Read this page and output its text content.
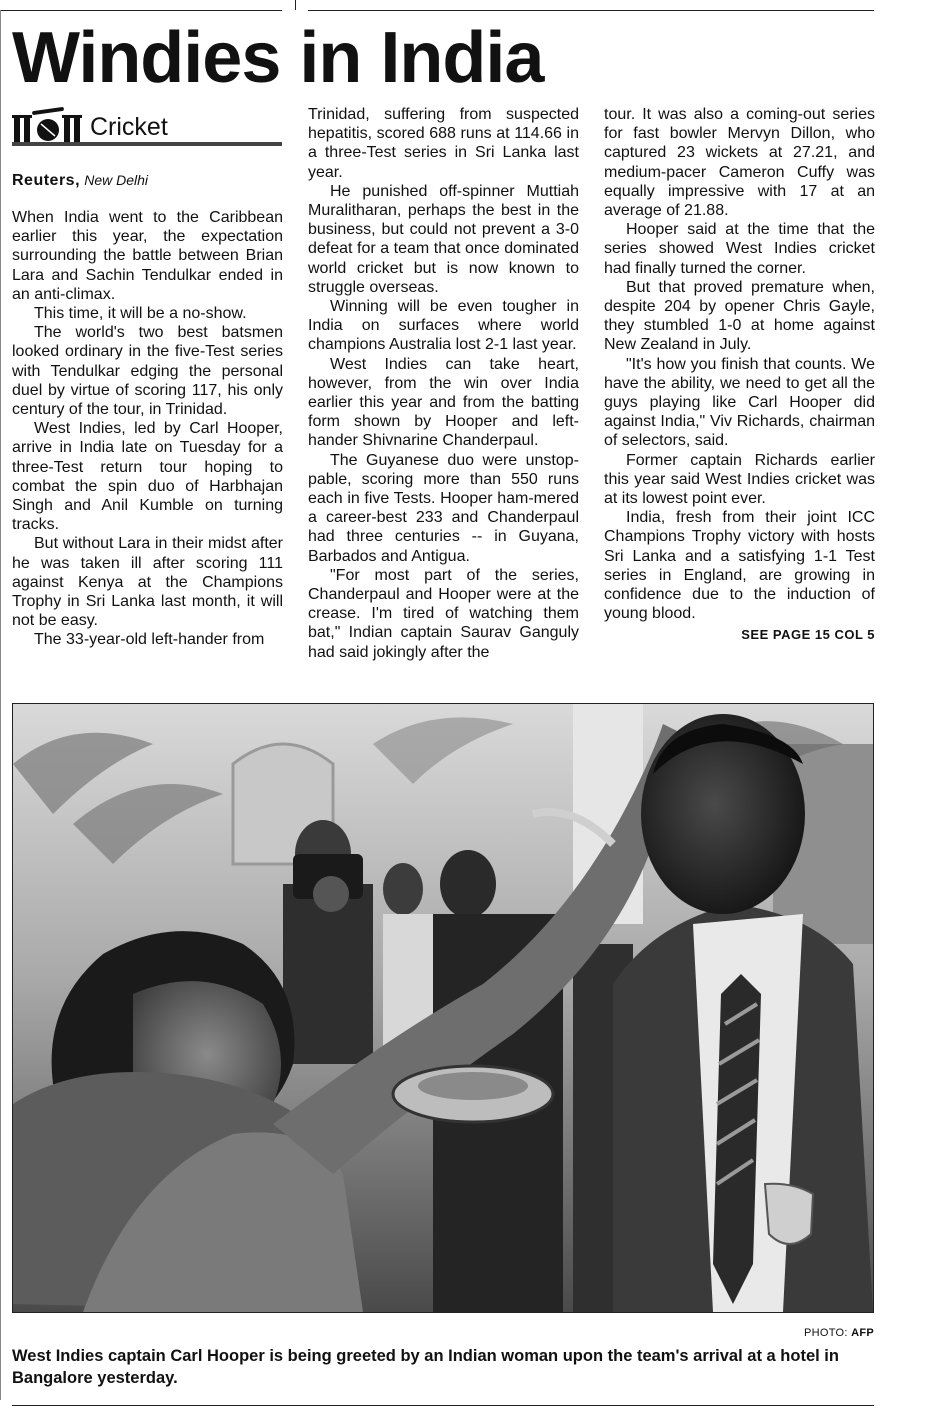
Windies in India
Cricket
Reuters, New Delhi

When India went to the Caribbean earlier this year, the expectation surrounding the battle between Brian Lara and Sachin Tendulkar ended in an anti-climax.

This time, it will be a no-show.

The world's two best batsmen looked ordinary in the five-Test series with Tendulkar edging the personal duel by virtue of scoring 117, his only century of the tour, in Trinidad.

West Indies, led by Carl Hooper, arrive in India late on Tuesday for a three-Test return tour hoping to combat the spin duo of Harbhajan Singh and Anil Kumble on turning tracks.

But without Lara in their midst after he was taken ill after scoring 111 against Kenya at the Champions Trophy in Sri Lanka last month, it will not be easy.

The 33-year-old left-hander from

Trinidad, suffering from suspected hepatitis, scored 688 runs at 114.66 in a three-Test series in Sri Lanka last year.

He punished off-spinner Muttiah Muralitharan, perhaps the best in the business, but could not prevent a 3-0 defeat for a team that once dominated world cricket but is now known to struggle overseas.

Winning will be even tougher in India on surfaces where world champions Australia lost 2-1 last year.

West Indies can take heart, however, from the win over India earlier this year and from the batting form shown by Hooper and left-hander Shivnarine Chanderpaul.

The Guyanese duo were unstop-pable, scoring more than 550 runs each in five Tests. Hooper ham-mered a career-best 233 and Chanderpaul had three centuries -- in Guyana, Barbados and Antigua.

"For most part of the series, Chanderpaul and Hooper were at the crease. I'm tired of watching them bat," Indian captain Saurav Ganguly had said jokingly after the

tour. It was also a coming-out series for fast bowler Mervyn Dillon, who captured 23 wickets at 27.21, and medium-pacer Cameron Cuffy was equally impressive with 17 at an average of 21.88.

Hooper said at the time that the series showed West Indies cricket had finally turned the corner.

But that proved premature when, despite 204 by opener Chris Gayle, they stumbled 1-0 at home against New Zealand in July.

"It's how you finish that counts. We have the ability, we need to get all the guys playing like Carl Hooper did against India," Viv Richards, chairman of selectors, said.

Former captain Richards earlier this year said West Indies cricket was at its lowest point ever.

India, fresh from their joint ICC Champions Trophy victory with hosts Sri Lanka and a satisfying 1-1 Test series in England, are growing in confidence due to the induction of young blood.

SEE PAGE 15 COL 5
PHOTO: AFP
West Indies captain Carl Hooper is being greeted by an Indian woman upon the team's arrival at a hotel in Bangalore yesterday.
